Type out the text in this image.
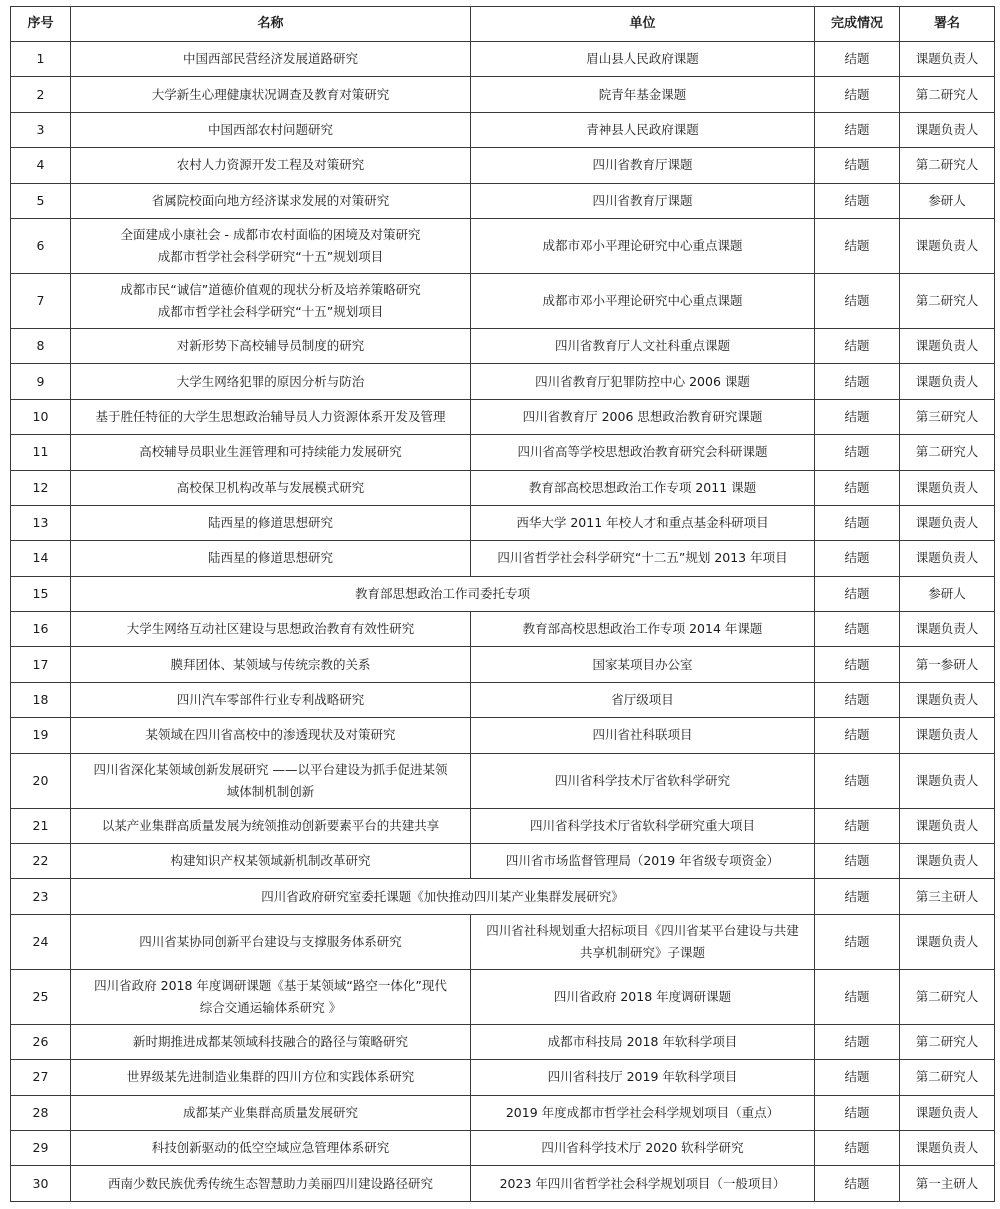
序号	名称	单位	完成情况	署名
1	中国西部民营经济发展道路研究	眉山县人民政府课题	结题	课题负责人
2	大学新生心理健康状况调查及教育对策研究	院青年基金课题	结题	第二研究人
3	中国西部农村问题研究	青神县人民政府课题	结题	课题负责人
4	农村人力资源开发工程及对策研究	四川省教育厅课题	结题	第二研究人
5	省属院校面向地方经济谋求发展的对策研究	四川省教育厅课题	结题	参研人
6	全面建成小康社会 - 成都市农村面临的困境及对策研究
成都市哲学社会科学研究“十五”规划项目	成都市邓小平理论研究中心重点课题	结题	课题负责人
7	成都市民“诚信”道德价值观的现状分析及培养策略研究
成都市哲学社会科学研究“十五”规划项目	成都市邓小平理论研究中心重点课题	结题	第二研究人
8	对新形势下高校辅导员制度的研究	四川省教育厅人文社科重点课题	结题	课题负责人
9	大学生网络犯罪的原因分析与防治	四川省教育厅犯罪防控中心 2006 课题	结题	课题负责人
10	基于胜任特征的大学生思想政治辅导员人力资源体系开发及管理	四川省教育厅 2006 思想政治教育研究课题	结题	第三研究人
11	高校辅导员职业生涯管理和可持续能力发展研究	四川省高等学校思想政治教育研究会科研课题	结题	第二研究人
12	高校保卫机构改革与发展模式研究	教育部高校思想政治工作专项 2011 课题	结题	课题负责人
13	陆西星的修道思想研究	西华大学 2011 年校人才和重点基金科研项目	结题	课题负责人
14	陆西星的修道思想研究	四川省哲学社会科学研究“十二五”规划 2013 年项目	结题	课题负责人
15	教育部思想政治工作司委托专项		结题	参研人
16	大学生网络互动社区建设与思想政治教育有效性研究	教育部高校思想政治工作专项 2014 年课题	结题	课题负责人
17	膜拜团体、某领域与传统宗教的关系	国家某项目办公室	结题	第一参研人
18	四川汽车零部件行业专利战略研究	省厅级项目	结题	课题负责人
19	某领域在四川省高校中的渗透现状及对策研究	四川省社科联项目	结题	课题负责人
20	四川省深化某领域创新发展研究 ——以平台建设为抓手促进某领
域体制机制创新	四川省科学技术厅省软科学研究	结题	课题负责人
21	以某产业集群高质量发展为统领推动创新要素平台的共建共享	四川省科学技术厅省软科学研究重大项目	结题	课题负责人
22	构建知识产权某领域新机制改革研究	四川省市场监督管理局（2019 年省级专项资金）	结题	课题负责人
23	四川省政府研究室委托课题《加快推动四川某产业集群发展研究》		结题	第三主研人
24	四川省某协同创新平台建设与支撑服务体系研究	四川省社科规划重大招标项目《四川省某平台建设与共建
共享机制研究》子课题	结题	课题负责人
25	四川省政府 2018 年度调研课题《基于某领域“路空一体化”现代
综合交通运输体系研究 》	四川省政府 2018 年度调研课题	结题	第二研究人
26	新时期推进成都某领域科技融合的路径与策略研究	成都市科技局 2018 年软科学项目	结题	第二研究人
27	世界级某先进制造业集群的四川方位和实践体系研究	四川省科技厅 2019 年软科学项目	结题	第二研究人
28	成都某产业集群高质量发展研究	2019 年度成都市哲学社会科学规划项目（重点）	结题	课题负责人
29	科技创新驱动的低空空域应急管理体系研究	四川省科学技术厅 2020 软科学研究	结题	课题负责人
30	西南少数民族优秀传统生态智慧助力美丽四川建设路径研究	2023 年四川省哲学社会科学规划项目（一般项目）	结题	第一主研人
